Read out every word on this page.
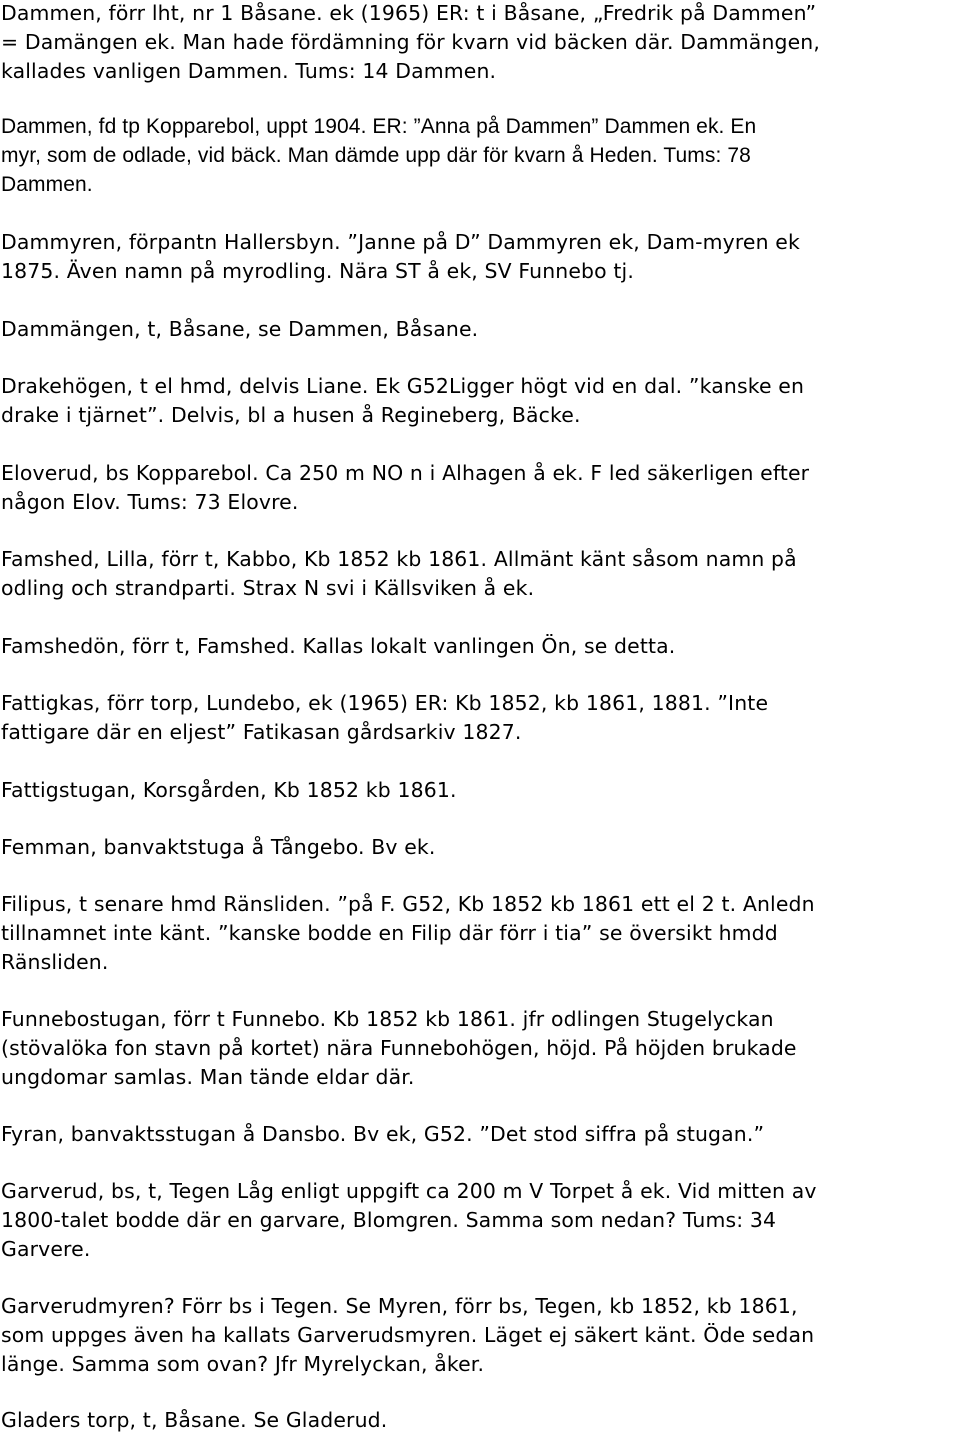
Dammen, förr lht, nr 1 Båsane. ek (1965) ER: t i Båsane, „Fredrik på Dammen”
= Damängen ek. Man hade fördämning för kvarn vid bäcken där. Dammängen,
kallades vanligen Dammen. Tums: 14 Dammen.

Dammen, fd tp Kopparebol, uppt 1904. ER: ”Anna på Dammen” Dammen ek. En
myr, som de odlade, vid bäck. Man dämde upp där för kvarn å Heden. Tums: 78
Dammen.

Dammyren, förpantn Hallersbyn. ”Janne på D” Dammyren ek, Dam-myren ek
1875. Även namn på myrodling. Nära ST å ek, SV Funnebo tj.

Dammängen, t, Båsane, se Dammen, Båsane.

Drakehögen, t el hmd, delvis Liane. Ek G52Ligger högt vid en dal. ”kanske en
drake i tjärnet”. Delvis, bl a husen å Regineberg, Bäcke.

Eloverud, bs Kopparebol. Ca 250 m NO n i Alhagen å ek. F led säkerligen efter
någon Elov. Tums: 73 Elovre.

Famshed, Lilla, förr t, Kabbo, Kb 1852 kb 1861. Allmänt känt såsom namn på
odling och strandparti. Strax N svi i Källsviken å ek.

Famshedön, förr t, Famshed. Kallas lokalt vanlingen Ön, se detta.

Fattigkas, förr torp, Lundebo, ek (1965) ER: Kb 1852, kb 1861, 1881. ”Inte
fattigare där en eljest” Fatikasan gårdsarkiv 1827.

Fattigstugan, Korsgården, Kb 1852 kb 1861.

Femman, banvaktstuga å Tångebo. Bv ek.

Filipus, t senare hmd Ränsliden. ”på F. G52, Kb 1852 kb 1861 ett el 2 t. Anledn
tillnamnet inte känt. ”kanske bodde en Filip där förr i tia” se översikt hmdd
Ränsliden.

Funnebostugan, förr t Funnebo. Kb 1852 kb 1861. jfr odlingen Stugelyckan
(stövalöka fon stavn på kortet) nära Funnebohögen, höjd. På höjden brukade
ungdomar samlas. Man tände eldar där.

Fyran, banvaktsstugan å Dansbo. Bv ek, G52. ”Det stod siffra på stugan.”

Garverud, bs, t, Tegen Låg enligt uppgift ca 200 m V Torpet å ek. Vid mitten av
1800-talet bodde där en garvare, Blomgren. Samma som nedan? Tums: 34
Garvere.

Garverudmyren? Förr bs i Tegen. Se Myren, förr bs, Tegen, kb 1852, kb 1861,
som uppges även ha kallats Garverudsmyren. Läget ej säkert känt. Öde sedan
länge. Samma som ovan? Jfr Myrelyckan, åker.

Gladers torp, t, Båsane. Se Gladerud.
